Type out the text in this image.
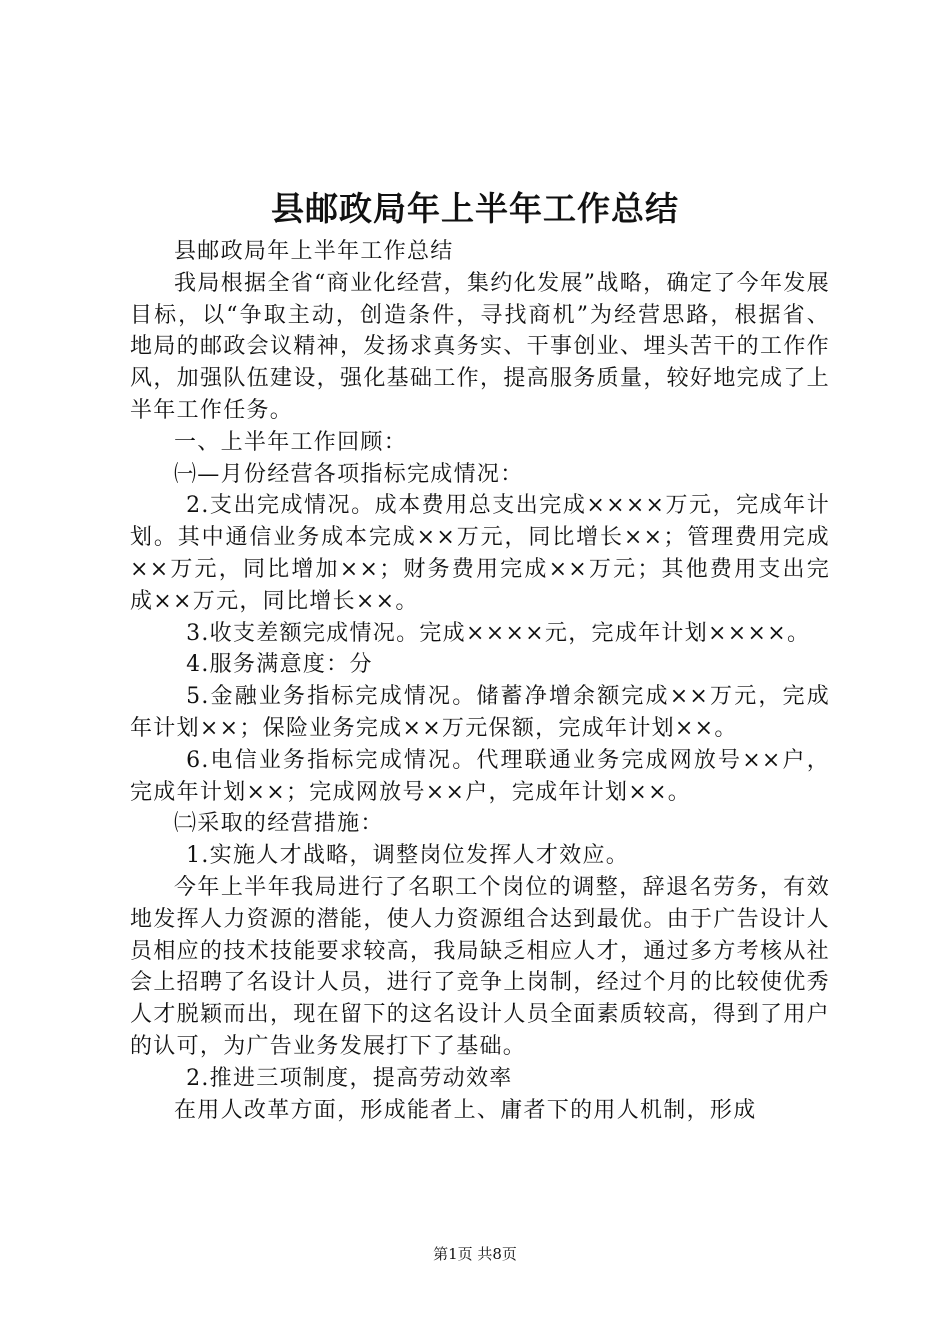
县邮政局年上半年工作总结

县邮政局年上半年工作总结

我局根据全省“商业化经营，集约化发展”战略，确定了今年发展目标，以“争取主动，创造条件，寻找商机”为经营思路，根据省、地局的邮政会议精神，发扬求真务实、干事创业、埋头苦干的工作作风，加强队伍建设，强化基础工作，提高服务质量，较好地完成了上半年工作任务。

一、上半年工作回顾：

㈠—月份经营各项指标完成情况：

2.支出完成情况。成本费用总支出完成××××万元，完成年计划。其中通信业务成本完成××万元，同比增长××；管理费用完成××万元，同比增加××；财务费用完成××万元；其他费用支出完成××万元，同比增长××。

3.收支差额完成情况。完成××××元，完成年计划××××。

4.服务满意度：分

5.金融业务指标完成情况。储蓄净增余额完成××万元，完成年计划××；保险业务完成××万元保额，完成年计划××。

6.电信业务指标完成情况。代理联通业务完成网放号××户，完成年计划××；完成网放号××户，完成年计划××。

㈡采取的经营措施：

1.实施人才战略，调整岗位发挥人才效应。

今年上半年我局进行了名职工个岗位的调整，辞退名劳务，有效地发挥人力资源的潜能，使人力资源组合达到最优。由于广告设计人员相应的技术技能要求较高，我局缺乏相应人才，通过多方考核从社会上招聘了名设计人员，进行了竞争上岗制，经过个月的比较使优秀人才脱颖而出，现在留下的这名设计人员全面素质较高，得到了用户的认可，为广告业务发展打下了基础。

2.推进三项制度，提高劳动效率

在用人改革方面，形成能者上、庸者下的用人机制，形成

第1页 共8页
